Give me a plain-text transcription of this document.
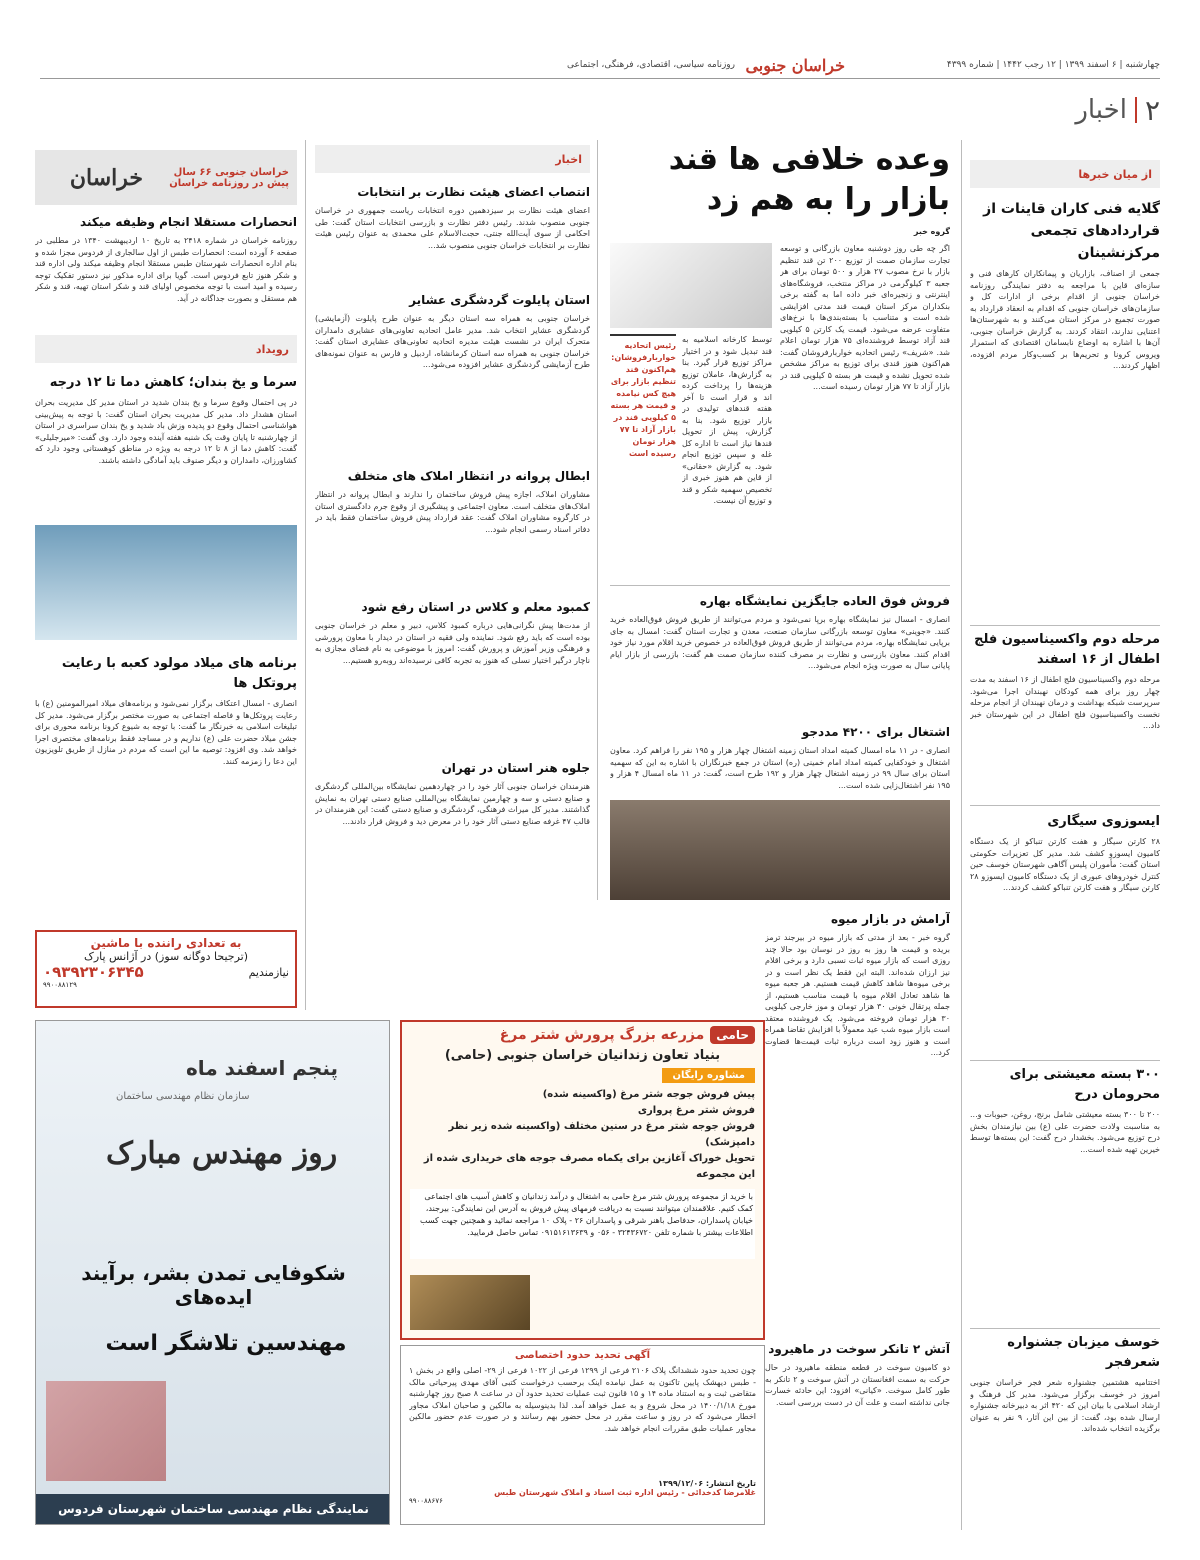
چهارشنبه | ۶ اسفند ۱۳۹۹ | ۱۲ رجب ۱۴۴۲ | شماره ۴۳۹۹
خراسان جنوبی
روزنامه سیاسی، اقتصادی، فرهنگی، اجتماعی
۲
اخبار
از میان خبرها
گلایه فنی کاران قاینات از قراردادهای تجمعی مرکزنشینان
جمعی از اصناف، بازاریان و پیمانکاران کارهای فنی و سازه‌ای قاین با مراجعه به دفتر نمایندگی روزنامه خراسان جنوبی از اقدام برخی از ادارات کل و سازمان‌های خراسان جنوبی که اقدام به انعقاد قرارداد به صورت تجمیع در مرکز استان می‌کنند و به شهرستان‌ها اعتنایی ندارند، انتقاد کردند. به گزارش خراسان جنوبی، آن‌ها با اشاره به اوضاع نابسامان اقتصادی که استمرار ویروس کرونا و تحریم‌ها بر کسب‌وکار مردم افزوده، اظهار کردند...
مرحله دوم واکسیناسیون فلج اطفال از ۱۶ اسفند
مرحله دوم واکسیناسیون فلج اطفال از ۱۶ اسفند به مدت چهار روز برای همه کودکان نهبندان اجرا می‌شود. سرپرست شبکه بهداشت و درمان نهبندان از انجام مرحله نخست واکسیناسیون فلج اطفال در این شهرستان خبر داد...
ایسوزوی سیگاری
۲۸ کارتن سیگار و هفت کارتن تنباکو از یک دستگاه کامیون ایسوزو کشف شد. مدیر کل تعزیرات حکومتی استان گفت: مأموران پلیس آگاهی شهرستان خوسف حین کنترل خودروهای عبوری از یک دستگاه کامیون ایسوزو ۲۸ کارتن سیگار و هفت کارتن تنباکو کشف کردند...
۳۰۰ بسته معیشتی برای محرومان درح
۲۰۰ تا ۳۰۰ بسته معیشتی شامل برنج، روغن، حبوبات و... به مناسبت ولادت حضرت علی (ع) بین نیازمندان بخش درح توزیع می‌شود. بخشدار درح گفت: این بسته‌ها توسط خیرین تهیه شده است...
خوسف میزبان جشنواره شعرفجر
اختتامیه هشتمین جشنواره شعر فجر خراسان جنوبی امروز در خوسف برگزار می‌شود. مدیر کل فرهنگ و ارشاد اسلامی با بیان این که ۴۲۰ اثر به دبیرخانه جشنواره ارسال شده بود، گفت: از بین این آثار، ۹ نفر به عنوان برگزیده انتخاب شده‌اند.
وعده خلافی ها قند
بازار را به هم زد
گروه خبر
اگر چه طی روز دوشنبه معاون بازرگانی و توسعه تجارت سازمان صمت از توزیع ۲۰۰ تن قند تنظیم بازار با نرخ مصوب ۲۷ هزار و ۵۰۰ تومان برای هر جعبه ۳ کیلوگرمی در مراکز منتخب، فروشگاه‌های اینترنتی و زنجیره‌ای خبر داده اما به گفته برخی بنکداران مرکز استان قیمت قند مدتی افزایشی شده است و متناسب با بسته‌بندی‌ها با نرخ‌های متفاوت عرضه می‌شود. قیمت یک کارتن ۵ کیلویی قند آزاد توسط فروشنده‌ای ۷۵ هزار تومان اعلام شد. «شریف» رئیس اتحادیه خواربارفروشان گفت: هم‌اکنون هنوز قندی برای توزیع به مراکز مشخص شده تحویل نشده و قیمت هر بسته ۵ کیلویی قند در بازار آزاد تا ۷۷ هزار تومان رسیده است...
توسط کارخانه اسلامیه به قند تبدیل شود و در اختیار مراکز توزیع قرار گیرد. بنا به گزارش‌ها، عاملان توزیع هزینه‌ها را پرداخت کرده اند و قرار است تا آخر هفته قندهای تولیدی در بازار توزیع شود. بنا به گزارش، پیش از تحویل قندها نیاز است تا اداره کل غله و سپس توزیع انجام شود. به گزارش «حقانی» از قاین هم هنوز خبری از تخصیص سهمیه شکر و قند و توزیع آن نیست.
رئیس اتحادیه خواربارفروشان: هم‌اکنون قند تنظیم بازار برای هیچ کس نیامده و قیمت هر بسته ۵ کیلویی قند در بازار آزاد تا ۷۷ هزار تومان رسیده است
اخبار
انتصاب اعضای هیئت نظارت بر انتخابات
اعضای هیئت نظارت بر سیزدهمین دوره انتخابات ریاست جمهوری در خراسان جنوبی منصوب شدند. رئیس دفتر نظارت و بازرسی انتخابات استان گفت: طی احکامی از سوی آیت‌الله جنتی، حجت‌الاسلام علی محمدی به عنوان رئیس هیئت نظارت بر انتخابات خراسان جنوبی منصوب شد...
استان پایلوت گردشگری عشایر
خراسان جنوبی به همراه سه استان دیگر به عنوان طرح پایلوت (آزمایشی) گردشگری عشایر انتخاب شد. مدیر عامل اتحادیه تعاونی‌های عشایری دامداران متحرک ایران در نشست هیئت مدیره اتحادیه تعاونی‌های عشایری استان گفت: خراسان جنوبی به همراه سه استان کرمانشاه، اردبیل و فارس به عنوان نمونه‌های طرح آزمایشی گردشگری عشایر افزوده می‌شود...
ابطال پروانه در انتظار املاک های متخلف
مشاوران املاک، اجازه پیش فروش ساختمان را ندارند و ابطال پروانه در انتظار املاک‌های متخلف است. معاون اجتماعی و پیشگیری از وقوع جرم دادگستری استان در کارگروه مشاوران املاک گفت: عقد قرارداد پیش فروش ساختمان فقط باید در دفاتر اسناد رسمی انجام شود...
کمبود معلم و کلاس در استان رفع شود
از مدت‌ها پیش نگرانی‌هایی درباره کمبود کلاس، دبیر و معلم در خراسان جنوبی بوده است که باید رفع شود. نماینده ولی فقیه در استان در دیدار با معاون پرورشی و فرهنگی وزیر آموزش و پرورش گفت: امروز با موضوعی به نام فضای مجازی به ناچار درگیر اختیار نسلی که هنوز به تجربه کافی نرسیده‌اند روبه‌رو هستیم...
جلوه هنر استان در تهران
هنرمندان خراسان جنوبی آثار خود را در چهاردهمین نمایشگاه بین‌المللی گردشگری و صنایع دستی و سه و چهارمین نمایشگاه بین‌المللی صنایع دستی تهران به نمایش گذاشتند. مدیر کل میراث فرهنگی، گردشگری و صنایع دستی گفت: این هنرمندان در قالب ۴۷ غرفه صنایع دستی آثار خود را در معرض دید و فروش قرار دادند...
فروش فوق العاده جایگزین نمایشگاه بهاره
انصاری - امسال نیز نمایشگاه بهاره برپا نمی‌شود و مردم می‌توانند از طریق فروش فوق‌العاده خرید کنند. «جوینی» معاون توسعه بازرگانی سازمان صنعت، معدن و تجارت استان گفت: امسال به جای برپایی نمایشگاه بهاره، مردم می‌توانند از طریق فروش فوق‌العاده در خصوص خرید اقلام مورد نیاز خود اقدام کنند. معاون بازرسی و نظارت بر مصرف کننده سازمان صمت هم گفت: بازرسی از بازار ایام پایانی سال به صورت ویژه انجام می‌شود...
اشتغال برای ۴۲۰۰ مددجو
انصاری - در ۱۱ ماه امسال کمیته امداد استان زمینه اشتغال چهار هزار و ۱۹۵ نفر را فراهم کرد. معاون اشتغال و خودکفایی کمیته امداد امام خمینی (ره) استان در جمع خبرنگاران با اشاره به این که سهمیه استان برای سال ۹۹ در زمینه اشتغال چهار هزار و ۱۹۲ طرح است، گفت: در ۱۱ ماه امسال ۴ هزار و ۱۹۵ نفر اشتغال‌زایی شده است...
آرامش در بازار میوه
گروه خبر - بعد از مدتی که بازار میوه در بیرجند ترمز بریده و قیمت ها روز به روز در نوسان بود حالا چند روزی است که بازار میوه ثبات نسبی دارد و برخی اقلام نیز ارزان شده‌اند. البته این فقط یک نظر است و در برخی میوه‌ها شاهد کاهش قیمت هستیم. هر جعبه میوه ها شاهد تعادل اقلام میوه با قیمت مناسب هستیم، از جمله پرتقال خونی ۳۰ هزار تومان و موز خارجی کیلویی ۳۰ هزار تومان فروخته می‌شود. یک فروشنده معتقد است بازار میوه شب عید معمولاً با افزایش تقاضا همراه است و هنوز زود است درباره ثبات قیمت‌ها قضاوت کرد...
آتش ۲ تانکر سوخت در ماهیرود
دو کامیون سوخت در قطعه منطقه ماهیرود در حال حرکت به سمت افغانستان در آتش سوخت و ۲ تانکر به طور کامل سوخت. «کیانی» افزود: این حادثه خسارت جانی نداشته است و علت آن در دست بررسی است.
خراسان جنوبی ۶۶ سال پیش در روزنامه خراسان
خراسان
انحصارات مستقلا انجام وظیفه میکند
روزنامه خراسان در شماره ۲۴۱۸ به تاریخ ۱۰ اردیبهشت ۱۳۴۰ در مطلبی در صفحه ۶ آورده است: انحصارات طبس از اول سالجاری از فردوس مجزا شده و بنام اداره انحصارات شهرستان طبس مستقلا انجام وظیفه میکند ولی اداره قند و شکر هنوز تابع فردوس است. گویا برای اداره مذکور نیز دستور تفکیک توجه رسیده و امید است با توجه مخصوص اولیای قند و شکر استان تهیه، قند و شکر هم مستقل و بصورت جداگانه در آید.
رویداد
سرما و یخ بندان؛ کاهش دما تا ۱۲ درجه
در پی احتمال وقوع سرما و یخ بندان شدید در استان مدیر کل مدیریت بحران استان هشدار داد. مدیر کل مدیریت بحران استان گفت: با توجه به پیش‌بینی هواشناسی احتمال وقوع دو پدیده وزش باد شدید و یخ بندان سراسری در استان از چهارشنبه تا پایان وقت یک شنبه هفته آینده وجود دارد. وی گفت: «میرجلیلی» گفت: کاهش دما از ۸ تا ۱۲ درجه به ویژه در مناطق کوهستانی وجود دارد که کشاورزان، دامداران و دیگر صنوف باید آمادگی داشته باشند.
برنامه های میلاد مولود کعبه با رعایت پروتکل ها
انصاری - امسال اعتکاف برگزار نمی‌شود و برنامه‌های میلاد امیرالمومنین (ع) با رعایت پروتکل‌ها و فاصله اجتماعی به صورت مختصر برگزار می‌شود. مدیر کل تبلیغات اسلامی به خبرنگار ما گفت: با توجه به شیوع کرونا برنامه محوری برای جشن میلاد حضرت علی (ع) نداریم و در مساجد فقط برنامه‌های مختصری اجرا خواهد شد. وی افزود: توصیه ما این است که مردم در منازل از طریق تلویزیون این دعا را زمزمه کنند.
به تعدادی راننده با ماشین
(ترجیحا دوگانه سوز) در آژانس پارک
نیازمندیم
۰۹۳۹۲۳۰۶۳۴۵
۹۹۰۰۸۸۱۲۹
پنجم اسفند ماه
سازمان نظام مهندسی ساختمان
روز مهندس مبارک
شکوفایی تمدن بشر، برآیند ایده‌های
مهندسین تلاشگر است
نمایندگی نظام مهندسی ساختمان شهرستان فردوس
حامی
مزرعه بزرگ پرورش شتر مرغ
بنیاد تعاون زندانیان خراسان جنوبی (حامی)
مشاوره رایگان
پیش فروش جوجه شتر مرغ (واکسینه شده)
فروش شتر مرغ پرواری
فروش جوجه شتر مرغ در سنین مختلف (واکسینه شده زیر نظر دامپزشک)
تحویل خوراک آغازین برای یکماه مصرف جوجه های خریداری شده از این مجموعه
با خرید از مجموعه پرورش شتر مرغ حامی به اشتغال و درآمد زندانیان و کاهش آسیب های اجتماعی کمک کنیم. علاقمندان میتوانند نسبت به دریافت فرمهای پیش فروش به آدرس این نمایندگی: بیرجند، خیابان پاسداران، حدفاصل باهنر شرقی و پاسداران ۲۶ - پلاک ۱۰ مراجعه نمائید و همچنین جهت کسب اطلاعات بیشتر با شماره تلفن ۳۲۴۳۶۷۲۰ - ۰۵۶ و ۰۹۱۵۱۶۱۳۶۳۹ تماس حاصل فرمایید.
آگهی تحدید حدود اختصاصی
چون تحدید حدود ششدانگ پلاک ۲۱۰۶ فرعی از ۱۲۹۹ فرعی از ۱۰۲۲ فرعی از ۲۹- اصلی واقع در بخش ۱ - طبس دیهشک پایین تاکنون به عمل نیامده اینک برحسب درخواست کتبی آقای مهدی پیرحیاتی مالک متقاضی ثبت و به استناد ماده ۱۴ و ۱۵ قانون ثبت عملیات تحدید حدود آن در ساعت ۸ صبح روز چهارشنبه مورخ ۱۴۰۰/۱/۱۸ در محل شروع و به عمل خواهد آمد. لذا بدینوسیله به مالکین و صاحبان املاک مجاور اخطار می‌شود که در روز و ساعت مقرر در محل حضور بهم رسانند و در صورت عدم حضور مالکین مجاور عملیات طبق مقررات انجام خواهد شد.
تاریخ انتشار: ۱۳۹۹/۱۲/۰۶
غلامرضا کدخدائی - رئیس اداره ثبت اسناد و املاک شهرستان طبس
۹۹۰۰۸۸۶۷۶
